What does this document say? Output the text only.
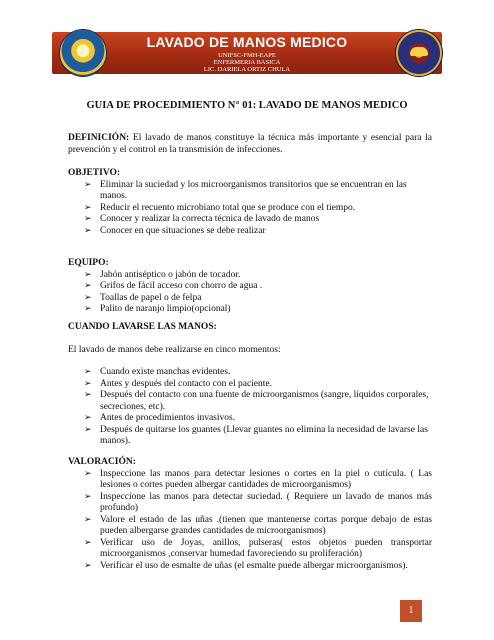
LAVADO DE MANOS MEDICO
UNIFSC-FMH-EAPE
ENFERMERIA BASICA
LIC. DARIELA ORTIZ CHULA
GUIA DE PROCEDIMIENTO N° 01: LAVADO DE MANOS MEDICO
DEFINICIÓN: El lavado de manos constituye la técnica más importante y esencial para la prevención y el control en la transmisión de infecciones.
OBJETIVO:
➢ Eliminar la suciedad y los microorganismos transitorios que se encuentran en las manos.
➢ Reducir el recuento microbiano total que se produce con el tiempo.
➢ Conocer y realizar la correcta técnica de lavado de manos
➢ Conocer en que situaciones se debe realizar
EQUIPO:
➢ Jabón antiséptico o jabón de tocador.
➢ Grifos de fácil acceso con chorro de agua .
➢ Toallas de papel o de felpa
➢ Palito de naranjo limpio(opcional)
CUANDO LAVARSE LAS MANOS:
El lavado de manos debe realizarse en cinco momentos:
➢ Cuando existe manchas evidentes.
➢ Antes y después del contacto con el paciente.
➢ Después del contacto con una fuente de microorganismos (sangre, líquidos corporales, secreciones, etc).
➢ Antes de procedimientos invasivos.
➢ Después de quitarse los guantes (Llevar guantes no elimina la necesidad de lavarse las manos).
VALORACIÓN:
➢ Inspeccione las manos para detectar lesiones o cortes en la piel o cutícula. ( Las lesiones o cortes pueden albergar cantidades de microorganismos)
➢ Inspeccione las manos para detectar suciedad. ( Requiere un lavado de manos más profundo)
➢ Valore el estado de las uñas .(tienen que mantenerse cortas porque debajo de estas pueden albergarse grandes cantidades de microorganismos)
➢ Verificar uso de Joyas, anillos, pulseras( estos objetos pueden transportar microorganismos ,conservar humedad favoreciendo su proliferación)
➢ Verificar el uso de esmalte de uñas (el esmalte puede albergar microorganismos).
1
